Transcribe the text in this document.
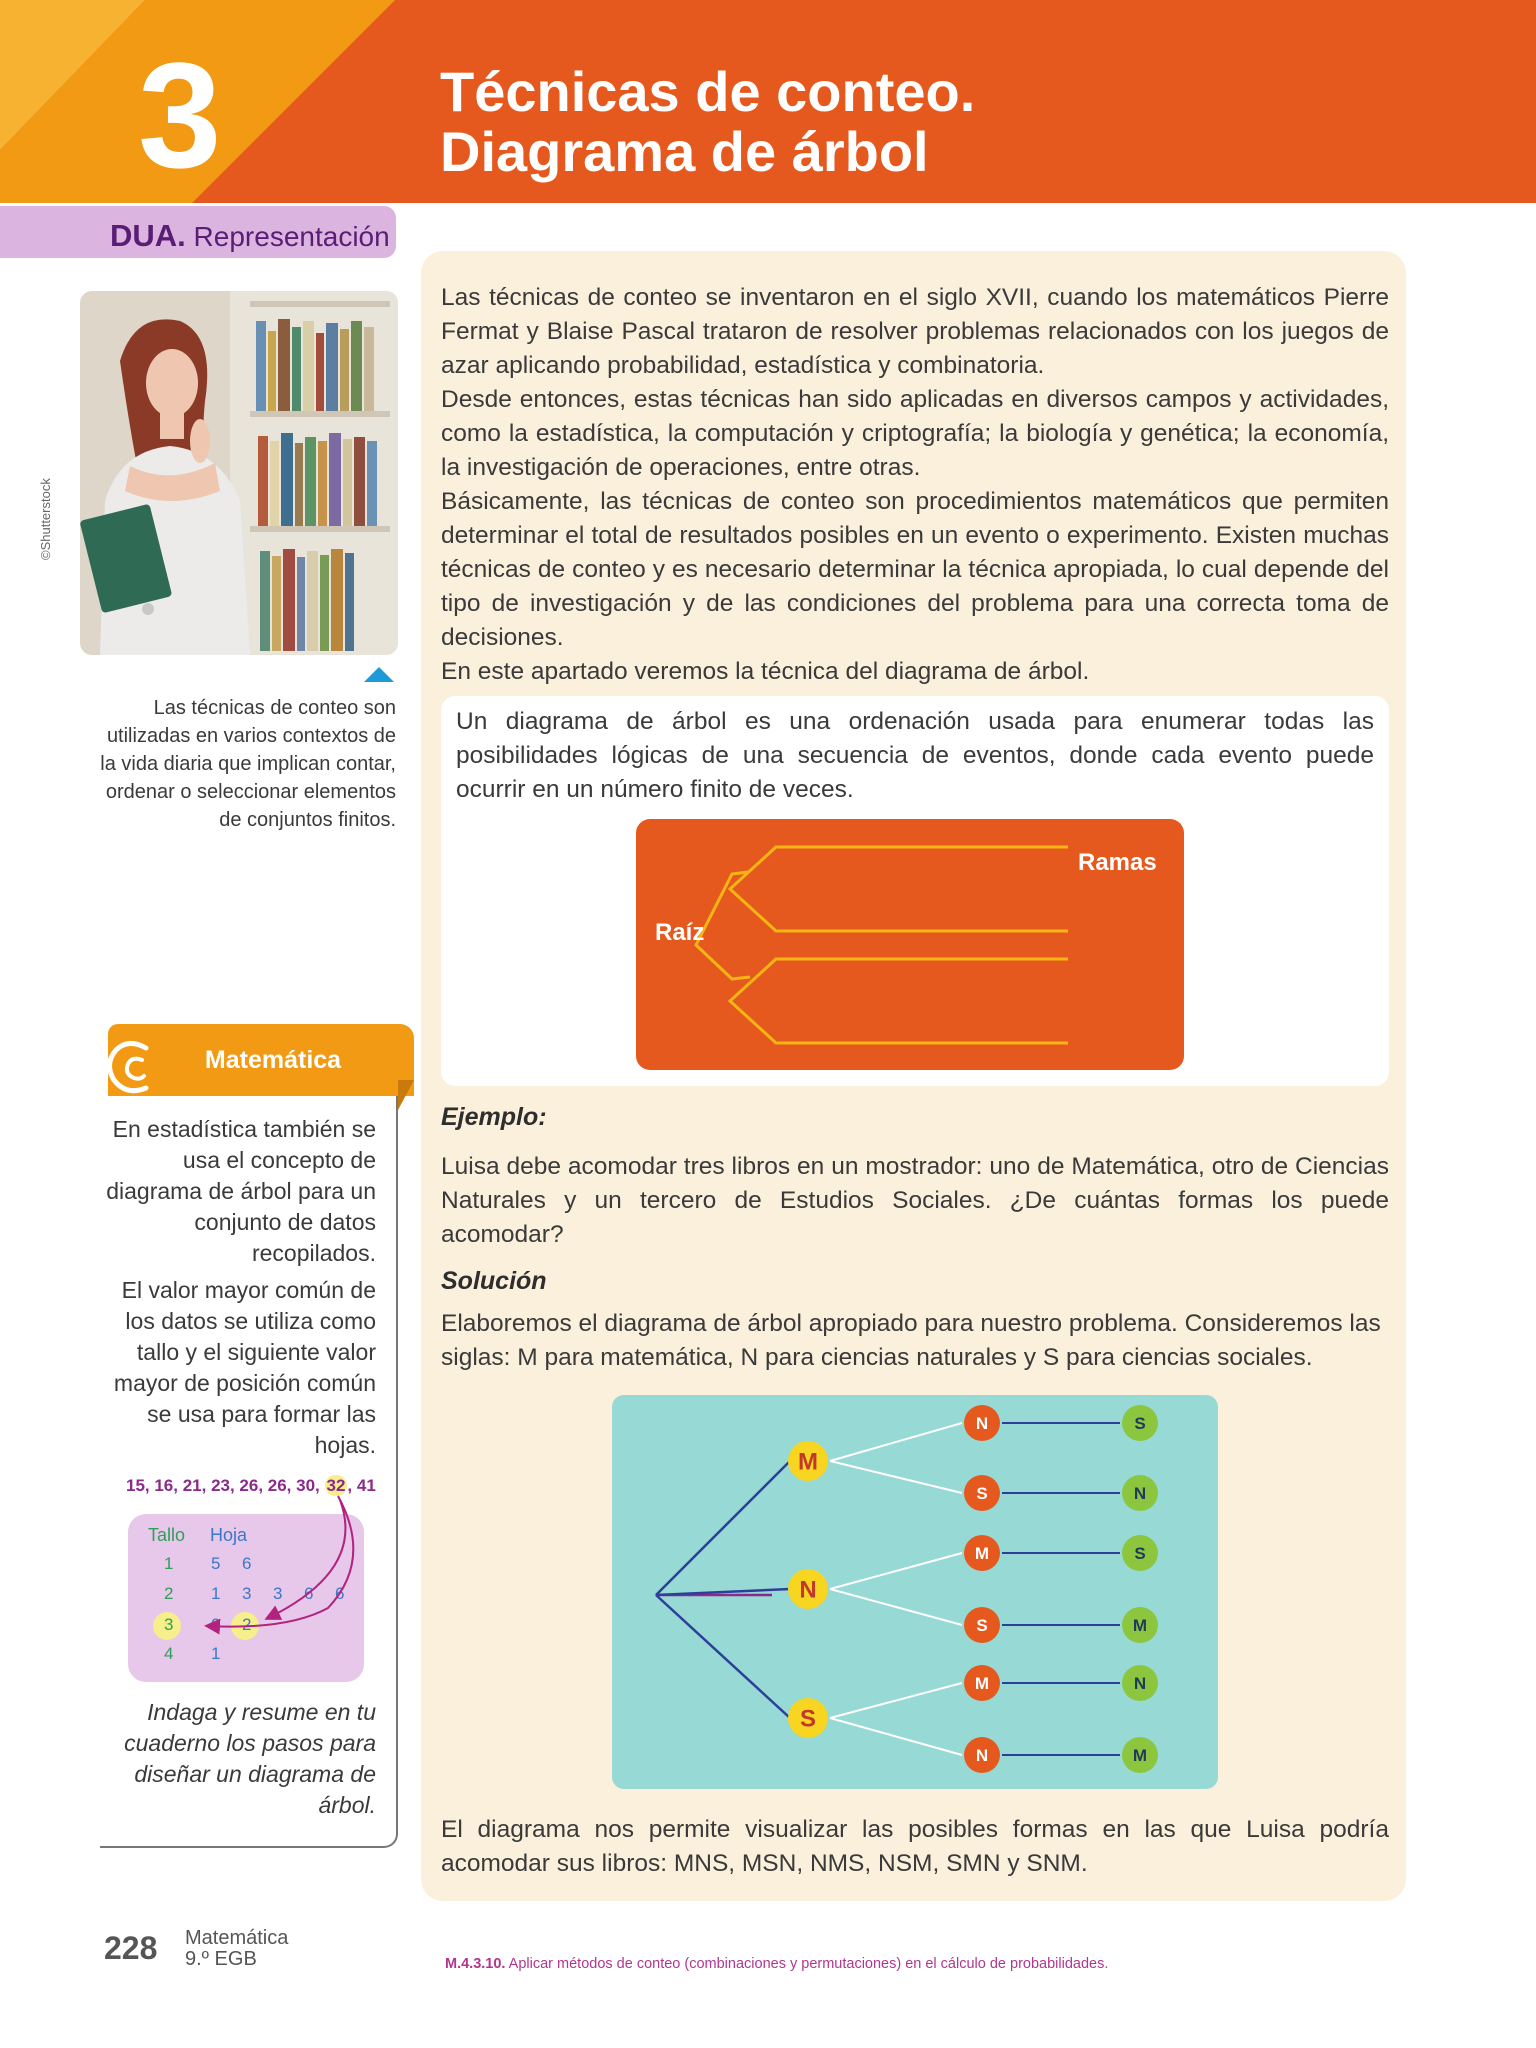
3	Técnicas de conteo.
Diagrama de árbol
DUA. Representación
©Shutterstock
Las técnicas de conteo son utilizadas en varios contextos de la vida diaria que implican contar, ordenar o seleccionar elementos de conjuntos finitos.
Matemática

En estadística también se usa el concepto de diagrama de árbol para un conjunto de datos recopilados.

El valor mayor común de los datos se utiliza como tallo y el siguiente valor mayor de posición común se usa para formar las hojas.

15, 16, 21, 23, 26, 26, 30, 32 , 41
Tallo Hoja
1 5 6
2 1 3 3 6 6
3 0 2
4 1
Indaga y resume en tu cuaderno los pasos para diseñar un diagrama de árbol.

Las técnicas de conteo se inventaron en el siglo XVII, cuando los matemáticos Pierre Fermat y Blaise Pascal trataron de resolver problemas relacionados con los juegos de azar aplicando probabilidad, estadística y combinatoria.

Desde entonces, estas técnicas han sido aplicadas en diversos campos y actividades, como la estadística, la computación y criptografía; la biología y genética; la economía, la investigación de operaciones, entre otras.

Básicamente, las técnicas de conteo son procedimientos matemáticos que permiten determinar el total de resultados posibles en un evento o experimento. Existen muchas técnicas de conteo y es necesario determinar la técnica apropiada, lo cual depende del tipo de investigación y de las condiciones del problema para una correcta toma de decisiones.

En este apartado veremos la técnica del diagrama de árbol.

Un diagrama de árbol es una ordenación usada para enumerar todas las posibilidades lógicas de una secuencia de eventos, donde cada evento puede ocurrir en un número finito de veces.
Ramas
Raíz
Ejemplo:
Luisa debe acomodar tres libros en un mostrador: uno de Matemática, otro de Ciencias Naturales y un tercero de Estudios Sociales. ¿De cuántas formas los puede acomodar?
Solución
Elaboremos el diagrama de árbol apropiado para nuestro problema. Consideremos las siglas: M para matemática, N para ciencias naturales y S para ciencias sociales.
M
N	S
S	N
N
M	S
S	M
S
M	N
N	M
El diagrama nos permite visualizar las posibles formas en las que Luisa podría acomodar sus libros: MNS, MSN, NMS, NSM, SMN y SNM.
228 Matemática
9.º EGB	M.4.3.10. Aplicar métodos de conteo (combinaciones y permutaciones) en el cálculo de probabilidades.
